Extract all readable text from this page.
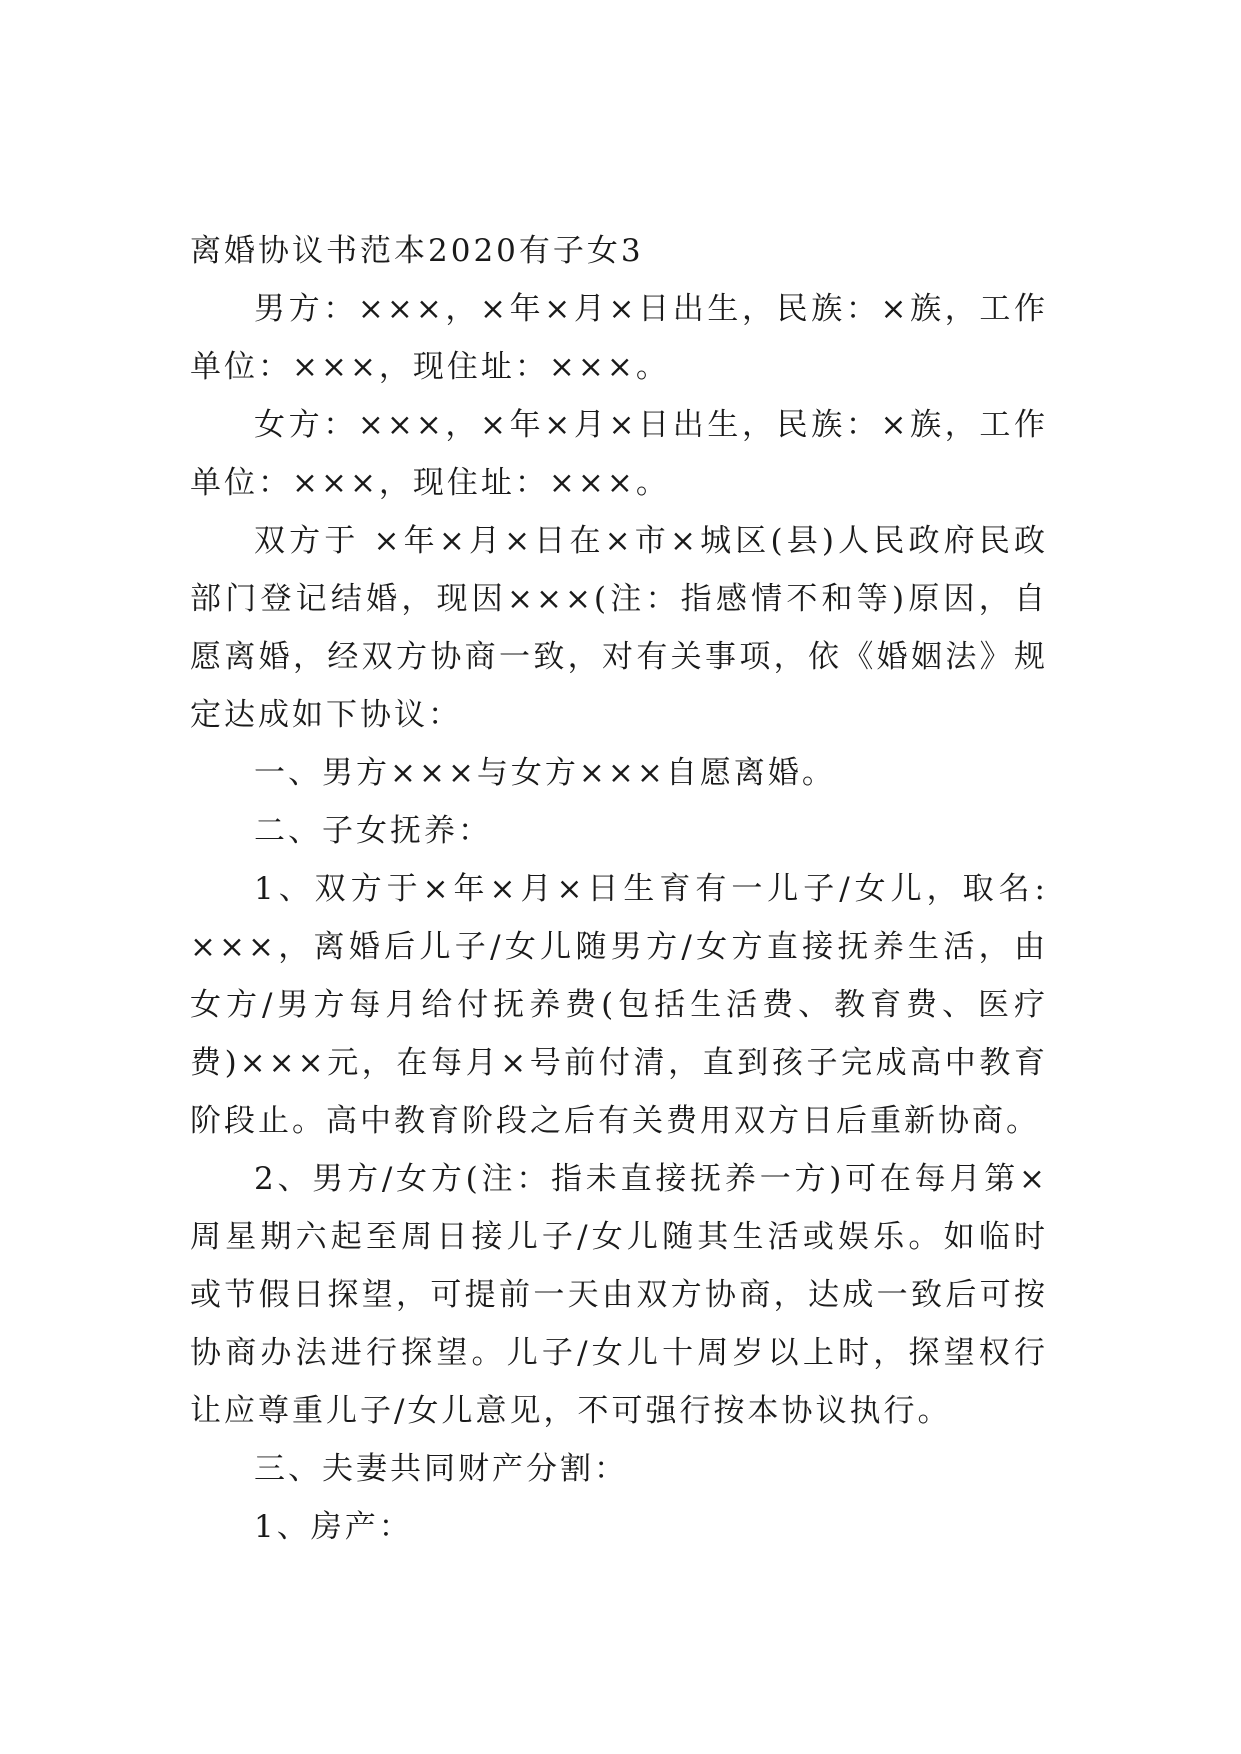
离婚协议书范本2020有子女3

男方：×××，×年×月×日出生，民族：×族，工作单位：×××，现住址：×××。

女方：×××，×年×月×日出生，民族：×族，工作单位：×××，现住址：×××。

双方于 ×年×月×日在×市×城区(县)人民政府民政部门登记结婚，现因×××(注：指感情不和等)原因，自愿离婚，经双方协商一致，对有关事项，依《婚姻法》规定达成如下协议：

一、男方×××与女方×××自愿离婚。

二、子女抚养：

1、双方于×年×月×日生育有一儿子/女儿，取名: ×××，离婚后儿子/女儿随男方/女方直接抚养生活，由女方/男方每月给付抚养费(包括生活费、教育费、医疗费)×××元，在每月×号前付清，直到孩子完成高中教育阶段止。高中教育阶段之后有关费用双方日后重新协商。

2、男方/女方(注：指未直接抚养一方)可在每月第×周星期六起至周日接儿子/女儿随其生活或娱乐。如临时或节假日探望，可提前一天由双方协商，达成一致后可按协商办法进行探望。儿子/女儿十周岁以上时，探望权行让应尊重儿子/女儿意见，不可强行按本协议执行。

三、夫妻共同财产分割：

1、房产：
